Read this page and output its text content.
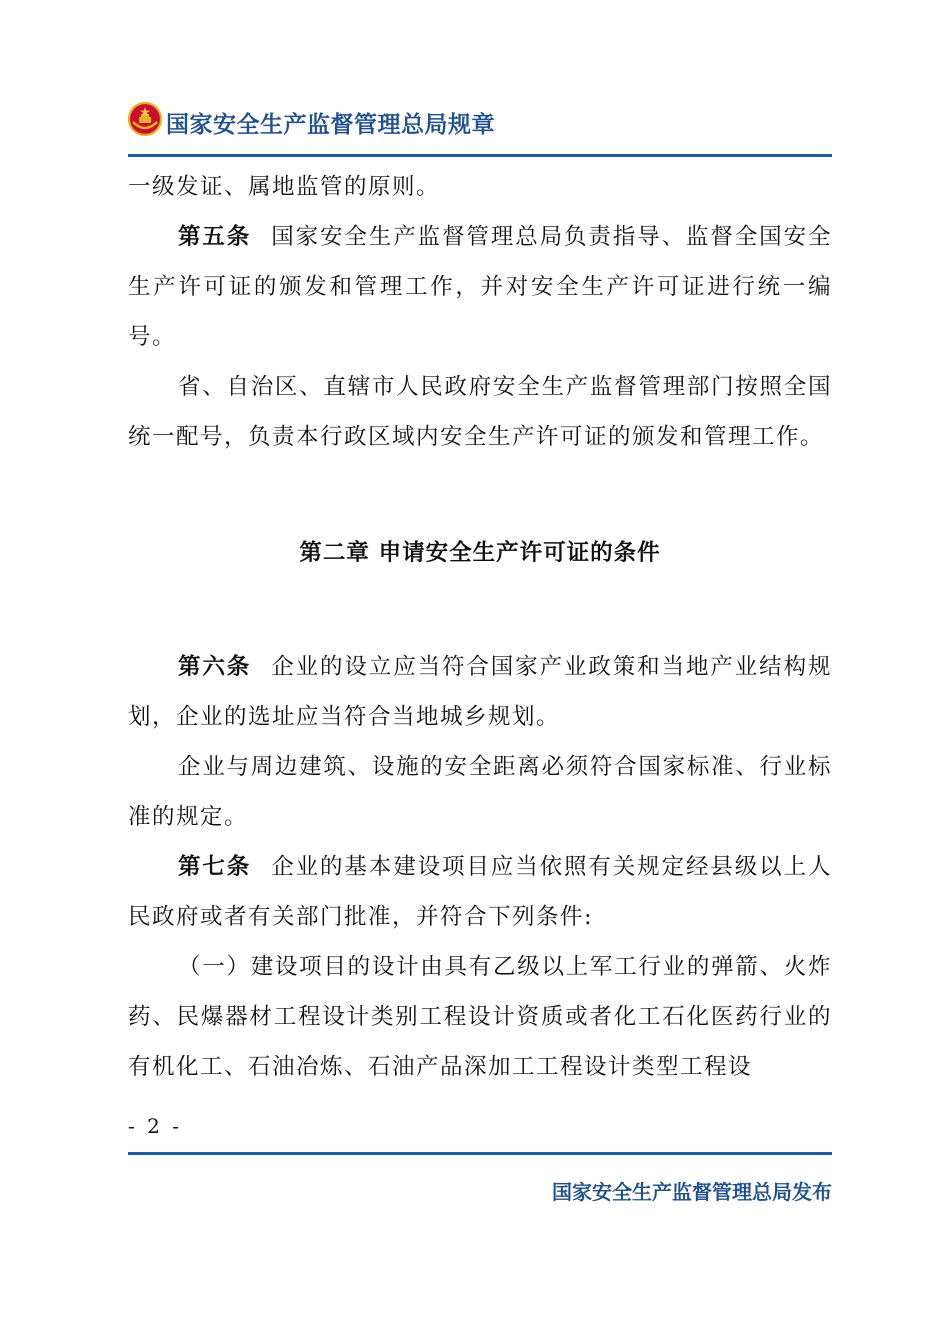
国家安全生产监督管理总局规章

一级发证、属地监管的原则。

第五条 国家安全生产监督管理总局负责指导、监督全国安全生产许可证的颁发和管理工作，并对安全生产许可证进行统一编号。

省、自治区、直辖市人民政府安全生产监督管理部门按照全国统一配号，负责本行政区域内安全生产许可证的颁发和管理工作。

第二章 申请安全生产许可证的条件

第六条 企业的设立应当符合国家产业政策和当地产业结构规划，企业的选址应当符合当地城乡规划。

企业与周边建筑、设施的安全距离必须符合国家标准、行业标准的规定。

第七条 企业的基本建设项目应当依照有关规定经县级以上人民政府或者有关部门批准，并符合下列条件:

（一）建设项目的设计由具有乙级以上军工行业的弹箭、火炸药、民爆器材工程设计类别工程设计资质或者化工石化医药行业的有机化工、石油冶炼、石油产品深加工工程设计类型工程设

- 2 -
国家安全生产监督管理总局发布
